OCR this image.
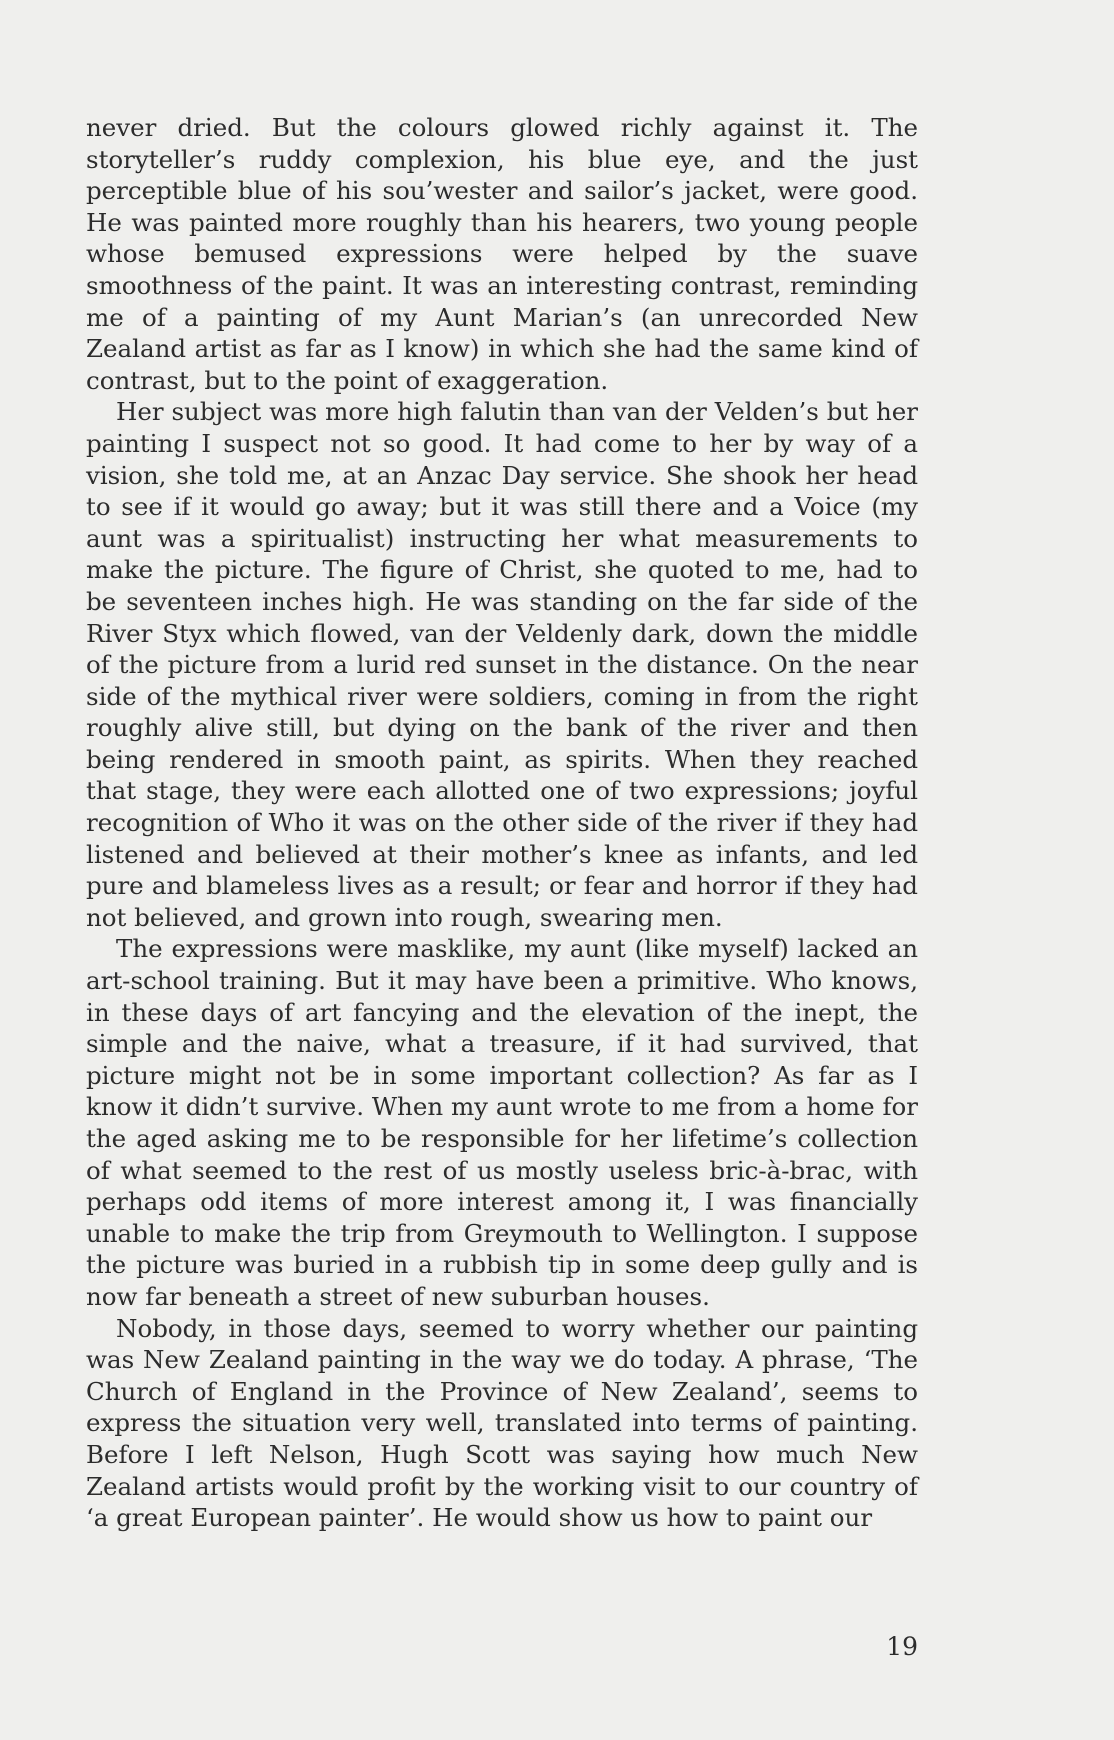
never dried. But the colours glowed richly against it. The storyteller’s ruddy complexion, his blue eye, and the just perceptible blue of his sou’wester and sailor’s jacket, were good. He was painted more roughly than his hearers, two young people whose bemused expressions were helped by the suave smoothness of the paint. It was an interesting contrast, reminding me of a painting of my Aunt Marian’s (an unrecorded New Zealand artist as far as I know) in which she had the same kind of contrast, but to the point of exaggeration.

Her subject was more high falutin than van der Velden’s but her painting I suspect not so good. It had come to her by way of a vision, she told me, at an Anzac Day service. She shook her head to see if it would go away; but it was still there and a Voice (my aunt was a spiritualist) instructing her what measurements to make the picture. The figure of Christ, she quoted to me, had to be seventeen inches high. He was standing on the far side of the River Styx which flowed, van der Veldenly dark, down the middle of the picture from a lurid red sunset in the distance. On the near side of the mythical river were soldiers, coming in from the right roughly alive still, but dying on the bank of the river and then being rendered in smooth paint, as spirits. When they reached that stage, they were each allotted one of two expressions; joyful recognition of Who it was on the other side of the river if they had listened and believed at their mother’s knee as infants, and led pure and blameless lives as a result; or fear and horror if they had not believed, and grown into rough, swearing men.

The expressions were masklike, my aunt (like myself) lacked an art-school training. But it may have been a primitive. Who knows, in these days of art fancying and the elevation of the inept, the simple and the naive, what a treasure, if it had survived, that picture might not be in some important collection? As far as I know it didn’t survive. When my aunt wrote to me from a home for the aged asking me to be responsible for her lifetime’s collection of what seemed to the rest of us mostly useless bric-à-brac, with perhaps odd items of more interest among it, I was financially unable to make the trip from Greymouth to Wellington. I suppose the picture was buried in a rubbish tip in some deep gully and is now far beneath a street of new suburban houses.

Nobody, in those days, seemed to worry whether our painting was New Zealand painting in the way we do today. A phrase, ‘The Church of England in the Province of New Zealand’, seems to express the situation very well, translated into terms of painting. Before I left Nelson, Hugh Scott was saying how much New Zealand artists would profit by the working visit to our country of ‘a great European painter’. He would show us how to paint our

19
